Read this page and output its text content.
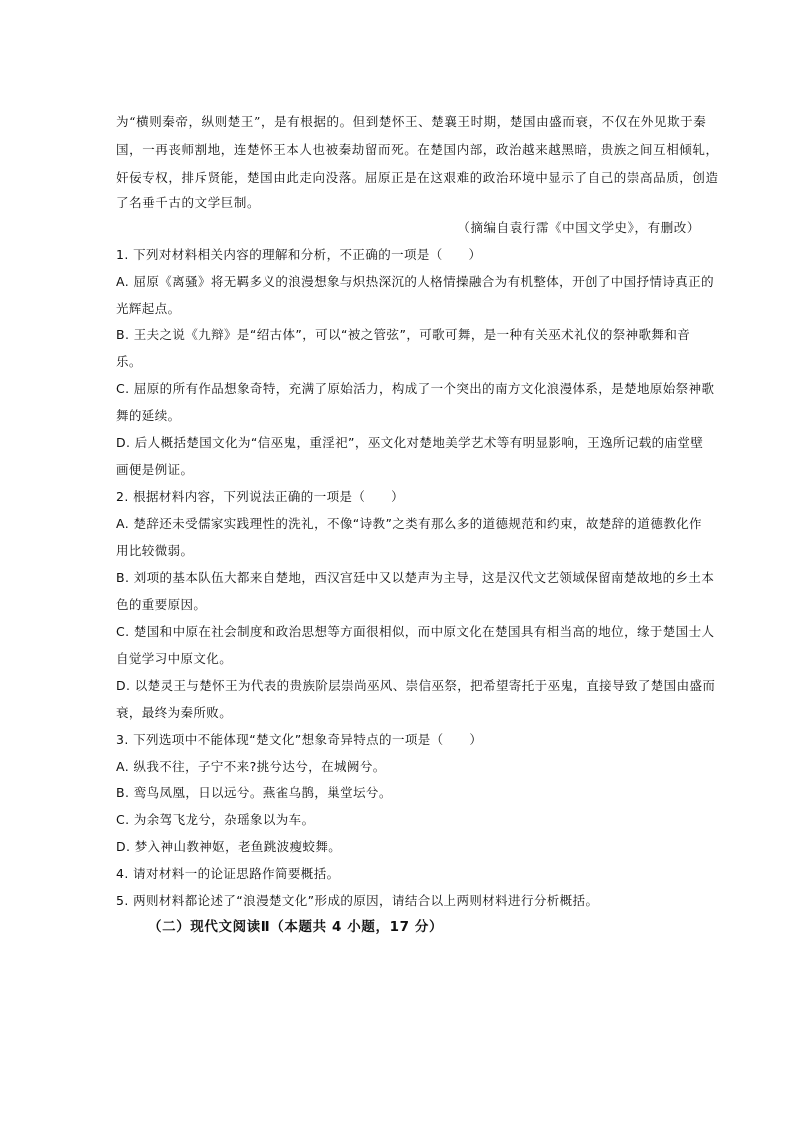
为“横则秦帝，纵则楚王”，是有根据的。但到楚怀王、楚襄王时期，楚国由盛而衰，不仅在外见欺于秦
国，一再丧师割地，连楚怀王本人也被秦劫留而死。在楚国内部，政治越来越黑暗，贵族之间互相倾轧，
奸佞专权，排斥贤能，楚国由此走向没落。屈原正是在这艰难的政治环境中显示了自己的崇高品质，创造
了名垂千古的文学巨制。
（摘编自袁行霈《中国文学史》，有删改）
1. 下列对材料相关内容的理解和分析，不正确的一项是（　　）
A. 屈原《离骚》将无羁多义的浪漫想象与炽热深沉的人格情操融合为有机整体，开创了中国抒情诗真正的
光辉起点。
B. 王夫之说《九辩》是“绍古体”，可以“被之管弦”，可歌可舞，是一种有关巫术礼仪的祭神歌舞和音
乐。
C. 屈原的所有作品想象奇特，充满了原始活力，构成了一个突出的南方文化浪漫体系，是楚地原始祭神歌
舞的延续。
D. 后人概括楚国文化为“信巫鬼，重淫祀”，巫文化对楚地美学艺术等有明显影响，王逸所记载的庙堂壁
画便是例证。
2. 根据材料内容，下列说法正确的一项是（　　）
A. 楚辞还未受儒家实践理性的洗礼，不像“诗教”之类有那么多的道德规范和约束，故楚辞的道德教化作
用比较微弱。
B. 刘项的基本队伍大都来自楚地，西汉宫廷中又以楚声为主导，这是汉代文艺领域保留南楚故地的乡土本
色的重要原因。
C. 楚国和中原在社会制度和政治思想等方面很相似，而中原文化在楚国具有相当高的地位，缘于楚国士人
自觉学习中原文化。
D. 以楚灵王与楚怀王为代表的贵族阶层崇尚巫风、崇信巫祭，把希望寄托于巫鬼，直接导致了楚国由盛而
衰，最终为秦所败。
3. 下列选项中不能体现“楚文化”想象奇异特点的一项是（　　）
A. 纵我不往，子宁不来?挑兮达兮，在城阙兮。
B. 鸾鸟凤凰，日以远兮。燕雀乌鹊，巢堂坛兮。
C. 为余驾飞龙兮，杂瑶象以为车。
D. 梦入神山教神妪，老鱼跳波瘦蛟舞。
4. 请对材料一的论证思路作简要概括。
5. 两则材料都论述了“浪漫楚文化”形成的原因，请结合以上两则材料进行分析概括。
（二）现代文阅读Ⅱ（本题共 4 小题，17 分）
